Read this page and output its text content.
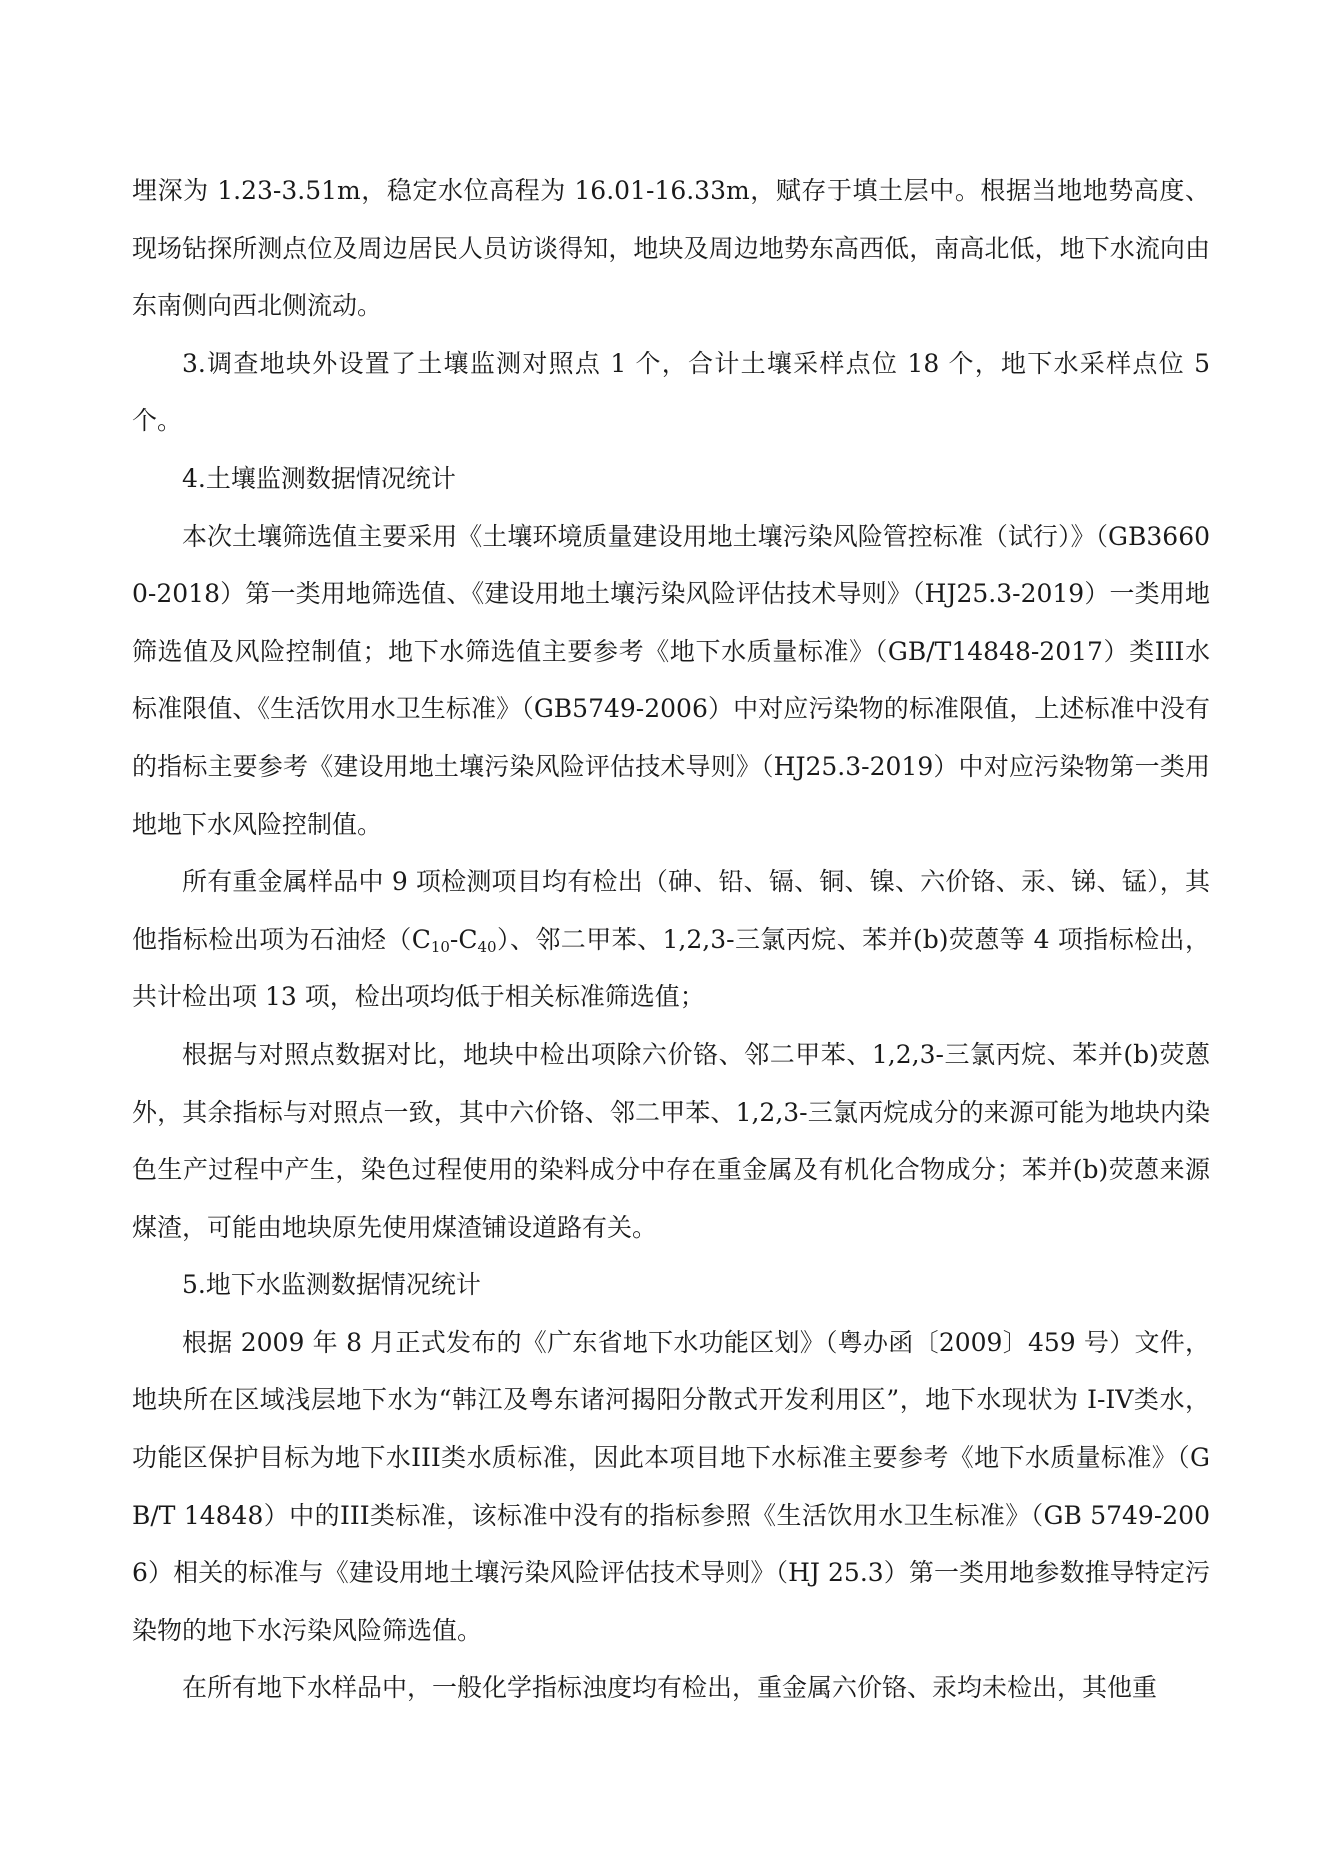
埋深为 1.23-3.51m，稳定水位高程为 16.01-16.33m，赋存于填土层中。根据当地地势高度、现场钻探所测点位及周边居民人员访谈得知，地块及周边地势东高西低，南高北低，地下水流向由东南侧向西北侧流动。

3.调查地块外设置了土壤监测对照点 1 个，合计土壤采样点位 18 个，地下水采样点位 5 个。

4.土壤监测数据情况统计

本次土壤筛选值主要采用《土壤环境质量建设用地土壤污染风险管控标准（试行）》（GB36600-2018）第一类用地筛选值、《建设用地土壤污染风险评估技术导则》（HJ25.3-2019）一类用地筛选值及风险控制值；地下水筛选值主要参考《地下水质量标准》（GB/T14848-2017）类III水标准限值、《生活饮用水卫生标准》（GB5749-2006）中对应污染物的标准限值，上述标准中没有的指标主要参考《建设用地土壤污染风险评估技术导则》（HJ25.3-2019）中对应污染物第一类用地地下水风险控制值。

所有重金属样品中 9 项检测项目均有检出（砷、铅、镉、铜、镍、六价铬、汞、锑、锰），其他指标检出项为石油烃$(C_{10}-C_{40})$、邻二甲苯、1,2,3-三氯丙烷、苯并(b)荧蒽等 4 项指标检出，共计检出项 13 项，检出项均低于相关标准筛选值；

根据与对照点数据对比，地块中检出项除六价铬、邻二甲苯、1,2,3-三氯丙烷、苯并(b)荧蒽外，其余指标与对照点一致，其中六价铬、邻二甲苯、1,2,3-三氯丙烷成分的来源可能为地块内染色生产过程中产生，染色过程使用的染料成分中存在重金属及有机化合物成分；苯并(b)荧蒽来源煤渣，可能由地块原先使用煤渣铺设道路有关。

5.地下水监测数据情况统计

根据 2009 年 8 月正式发布的《广东省地下水功能区划》（粤办函〔2009〕459 号）文件，地块所在区域浅层地下水为“韩江及粤东诸河揭阳分散式开发利用区”，地下水现状为 I-IV类水，功能区保护目标为地下水III类水质标准，因此本项目地下水标准主要参考《地下水质量标准》（GB/T 14848）中的III类标准，该标准中没有的指标参照《生活饮用水卫生标准》（GB 5749-2006）相关的标准与《建设用地土壤污染风险评估技术导则》（HJ 25.3）第一类用地参数推导特定污染物的地下水污染风险筛选值。

在所有地下水样品中，一般化学指标浊度均有检出，重金属六价铬、汞均未检出，其他重
